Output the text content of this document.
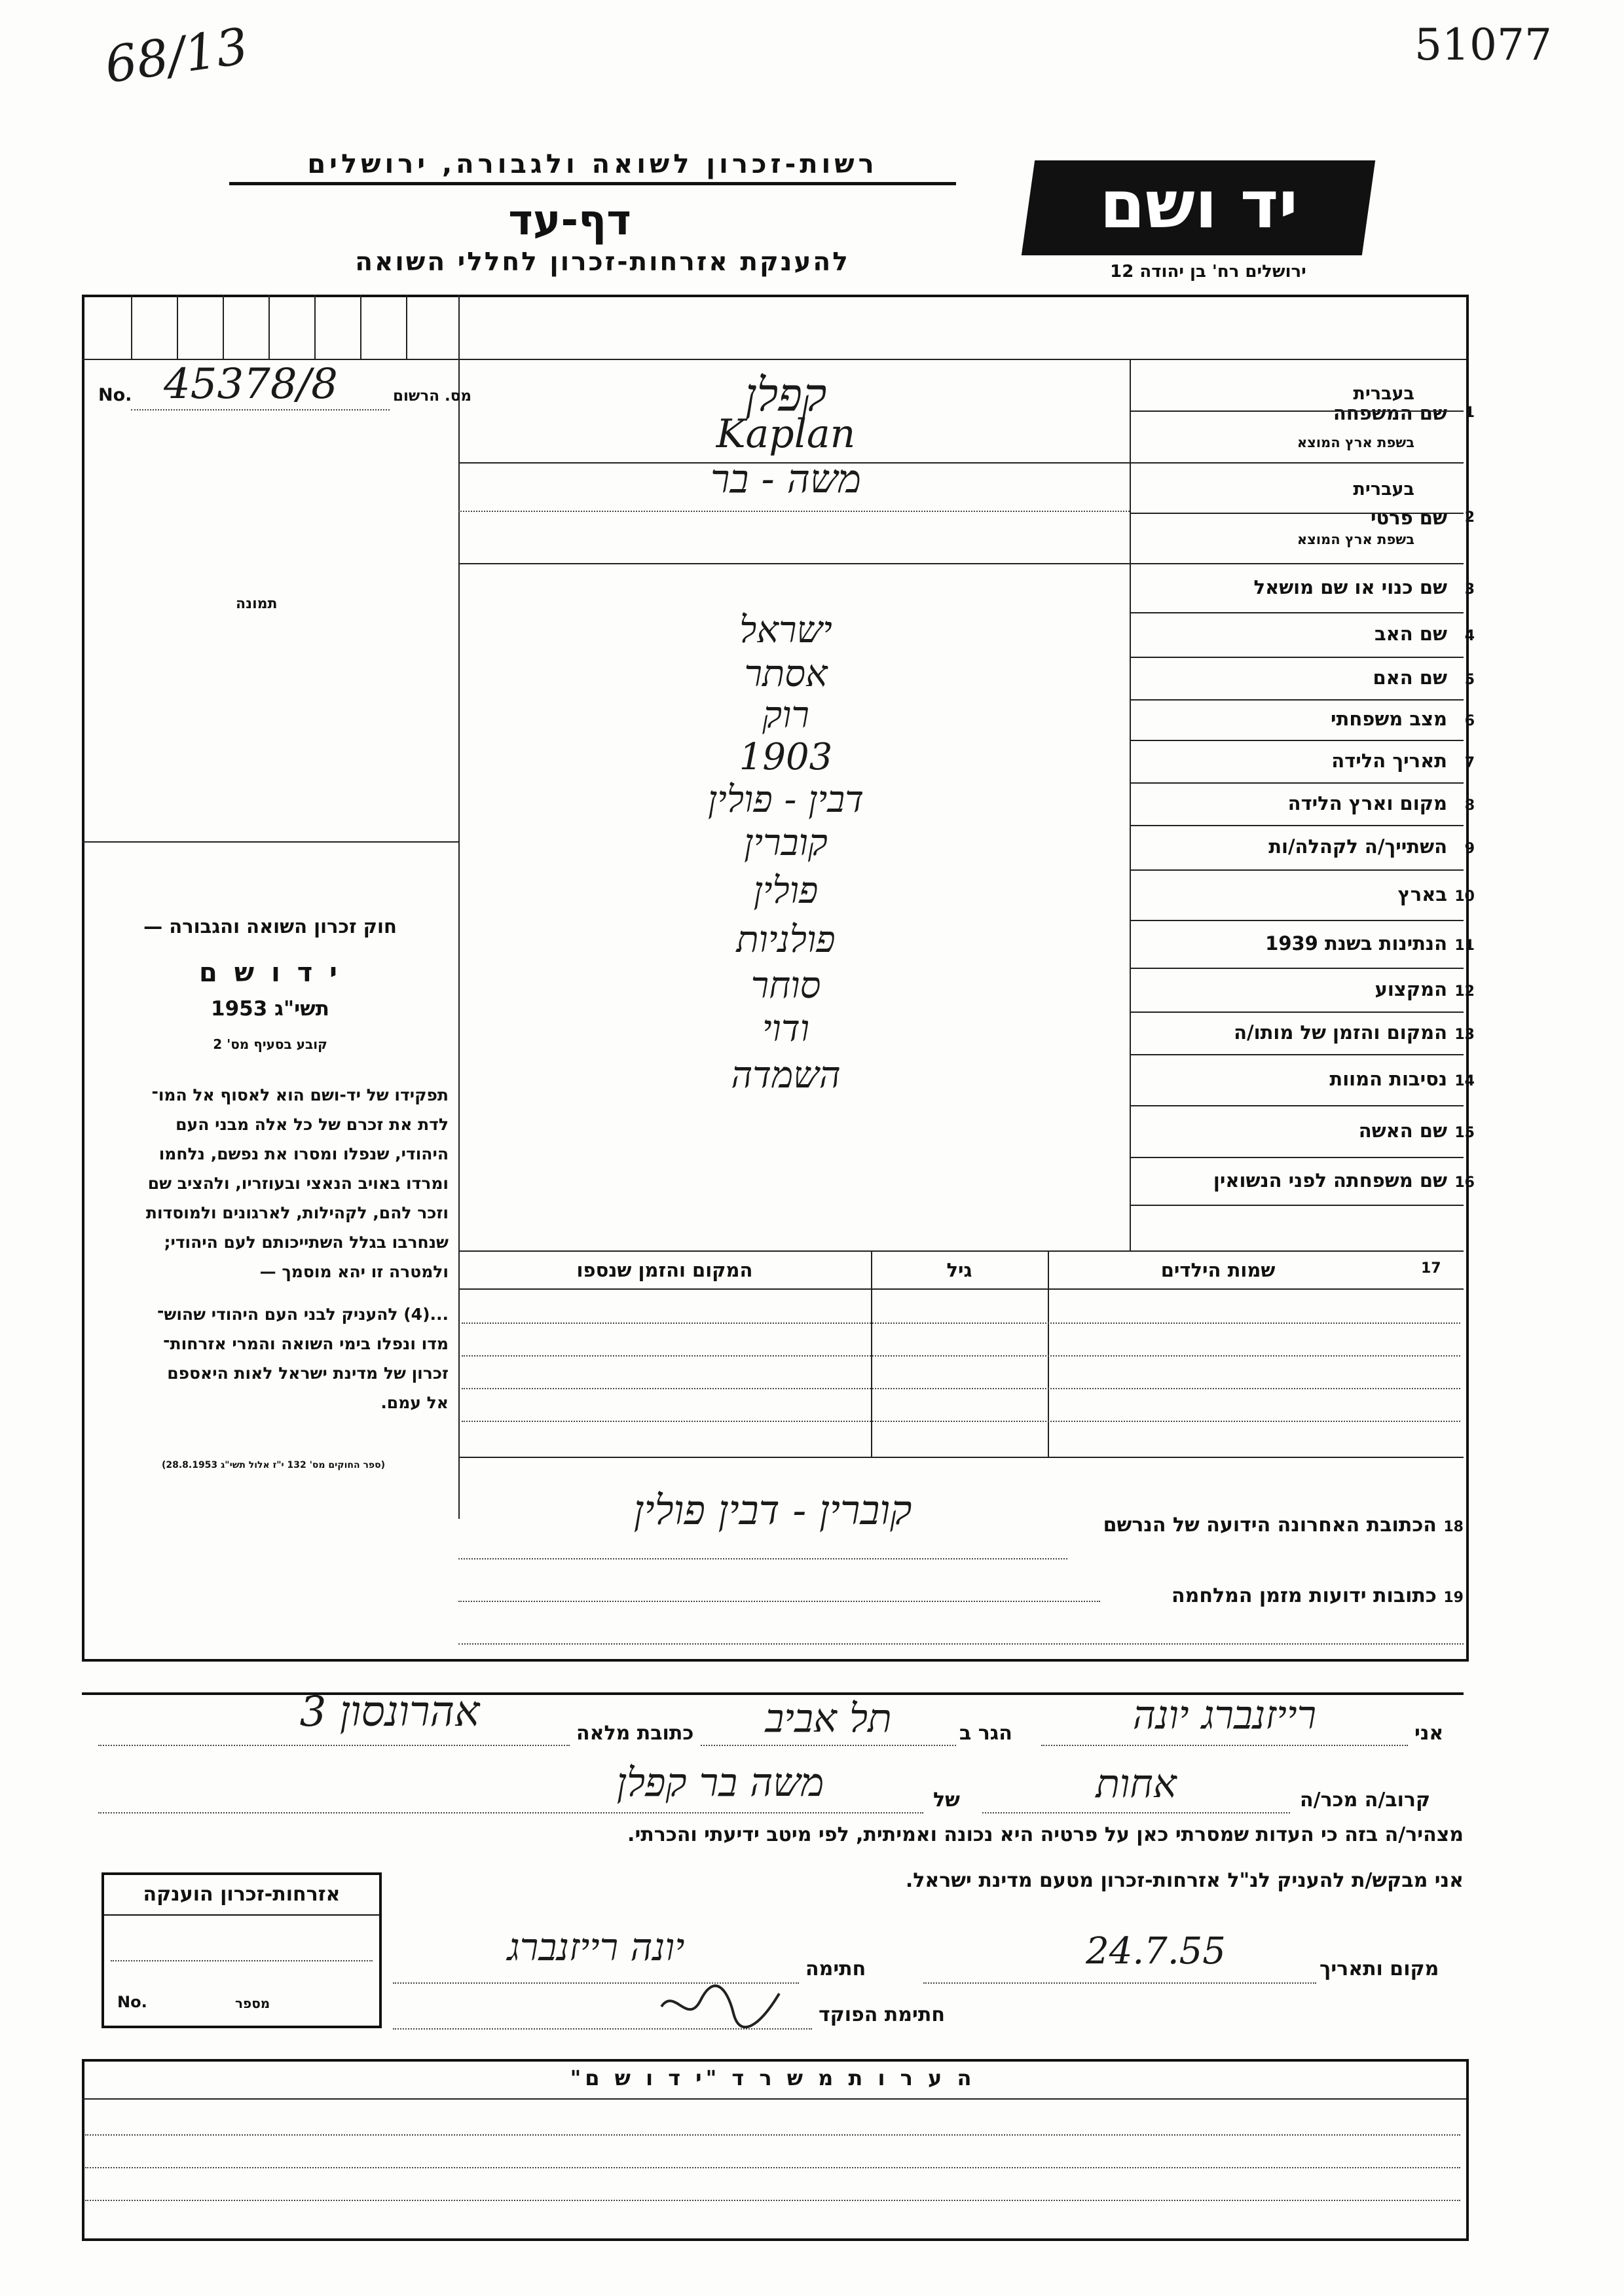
68/13	51077
רשות-זכרון לשואה ולגבורה, ירושלים
דף-עד
להענקת אזרחות-זכרון לחללי השואה
יד ושם
ירושלים רח' בן יהודה 12
No.	מס. הרשום
45378/8
תמונה
חוק זכרון השואה והגבורה —
י ד ו ש ם
תשי"ג 1953
קובע בסעיף מס' 2
תפקידו של יד-ושם הוא לאסוף אל המו־
לדת את זכרם של כל אלה מבני העם
היהודי, שנפלו ומסרו את נפשם, נלחמו
ומרדו באויב הנאצי ובעוזריו, ולהציב שם
וזכר להם, לקהילות, לארגונים ולמוסדות
שנחרבו בגלל השתייכותם לעם היהודי;
ולמטרה זו יהא מוסמך —
...(4) להעניק לבני העם היהודי שהוש־
מדו ונפלו בימי השואה והמרי אזרחות־
זכרון של מדינת ישראל לאות היאספם
אל עמם.
(ספר החוקים מס' 132 י"ז אלול תשי"ג 28.8.1953)
1
שם המשפחה
בעברית
בשפת ארץ המוצא
קפלן
Kaplan
2
שם פרטי
בעברית
בשפת ארץ המוצא
משה - בר
3
שם כנוי או שם מושאל
4
שם האב
ישראל
5
שם האם
אסתר
6
מצב משפחתי
רוק
7
תאריך הלידה
1903
8
מקום וארץ הלידה
דבין - פולין
9
השתייך/ה לקהלה/ות
קוברין
10
בארץ
פולין
11
הנתינות בשנת 1939
פולניות
12
המקצוע
סוחר
13
המקום והזמן של מותו/ה
ודוי
14
נסיבות המוות
השמדה
15
שם האשה
16
שם משפחתה לפני הנשואין
17
שמות הילדים
גיל
המקום והזמן שנספו
18 הכתובת האחרונה הידועה של הנרשם
קוברין - דבין פולין
19 כתובות ידועות מזמן המלחמה
אני
רייזנברג יונה
הגר ב
תל אביב
כתובת מלאה
אהרונסון 3
קרוב/ה מכר/ה
אחות
של
משה בר קפלן
מצהיר/ה בזה כי העדות שמסרתי כאן על פרטיה היא נכונה ואמיתית, לפי מיטב ידיעתי והכרתי.
אני מבקש/ת להעניק לנ"ל אזרחות-זכרון מטעם מדינת ישראל.
מקום ותאריך
24.7.55
חתימה
יונה רייזנברג
חתימת הפוקד
אזרחות-זכרון הוענקה
No.	מספר
ה ע ר ו ת מ ש ר ד "י ד ו ש ם"
